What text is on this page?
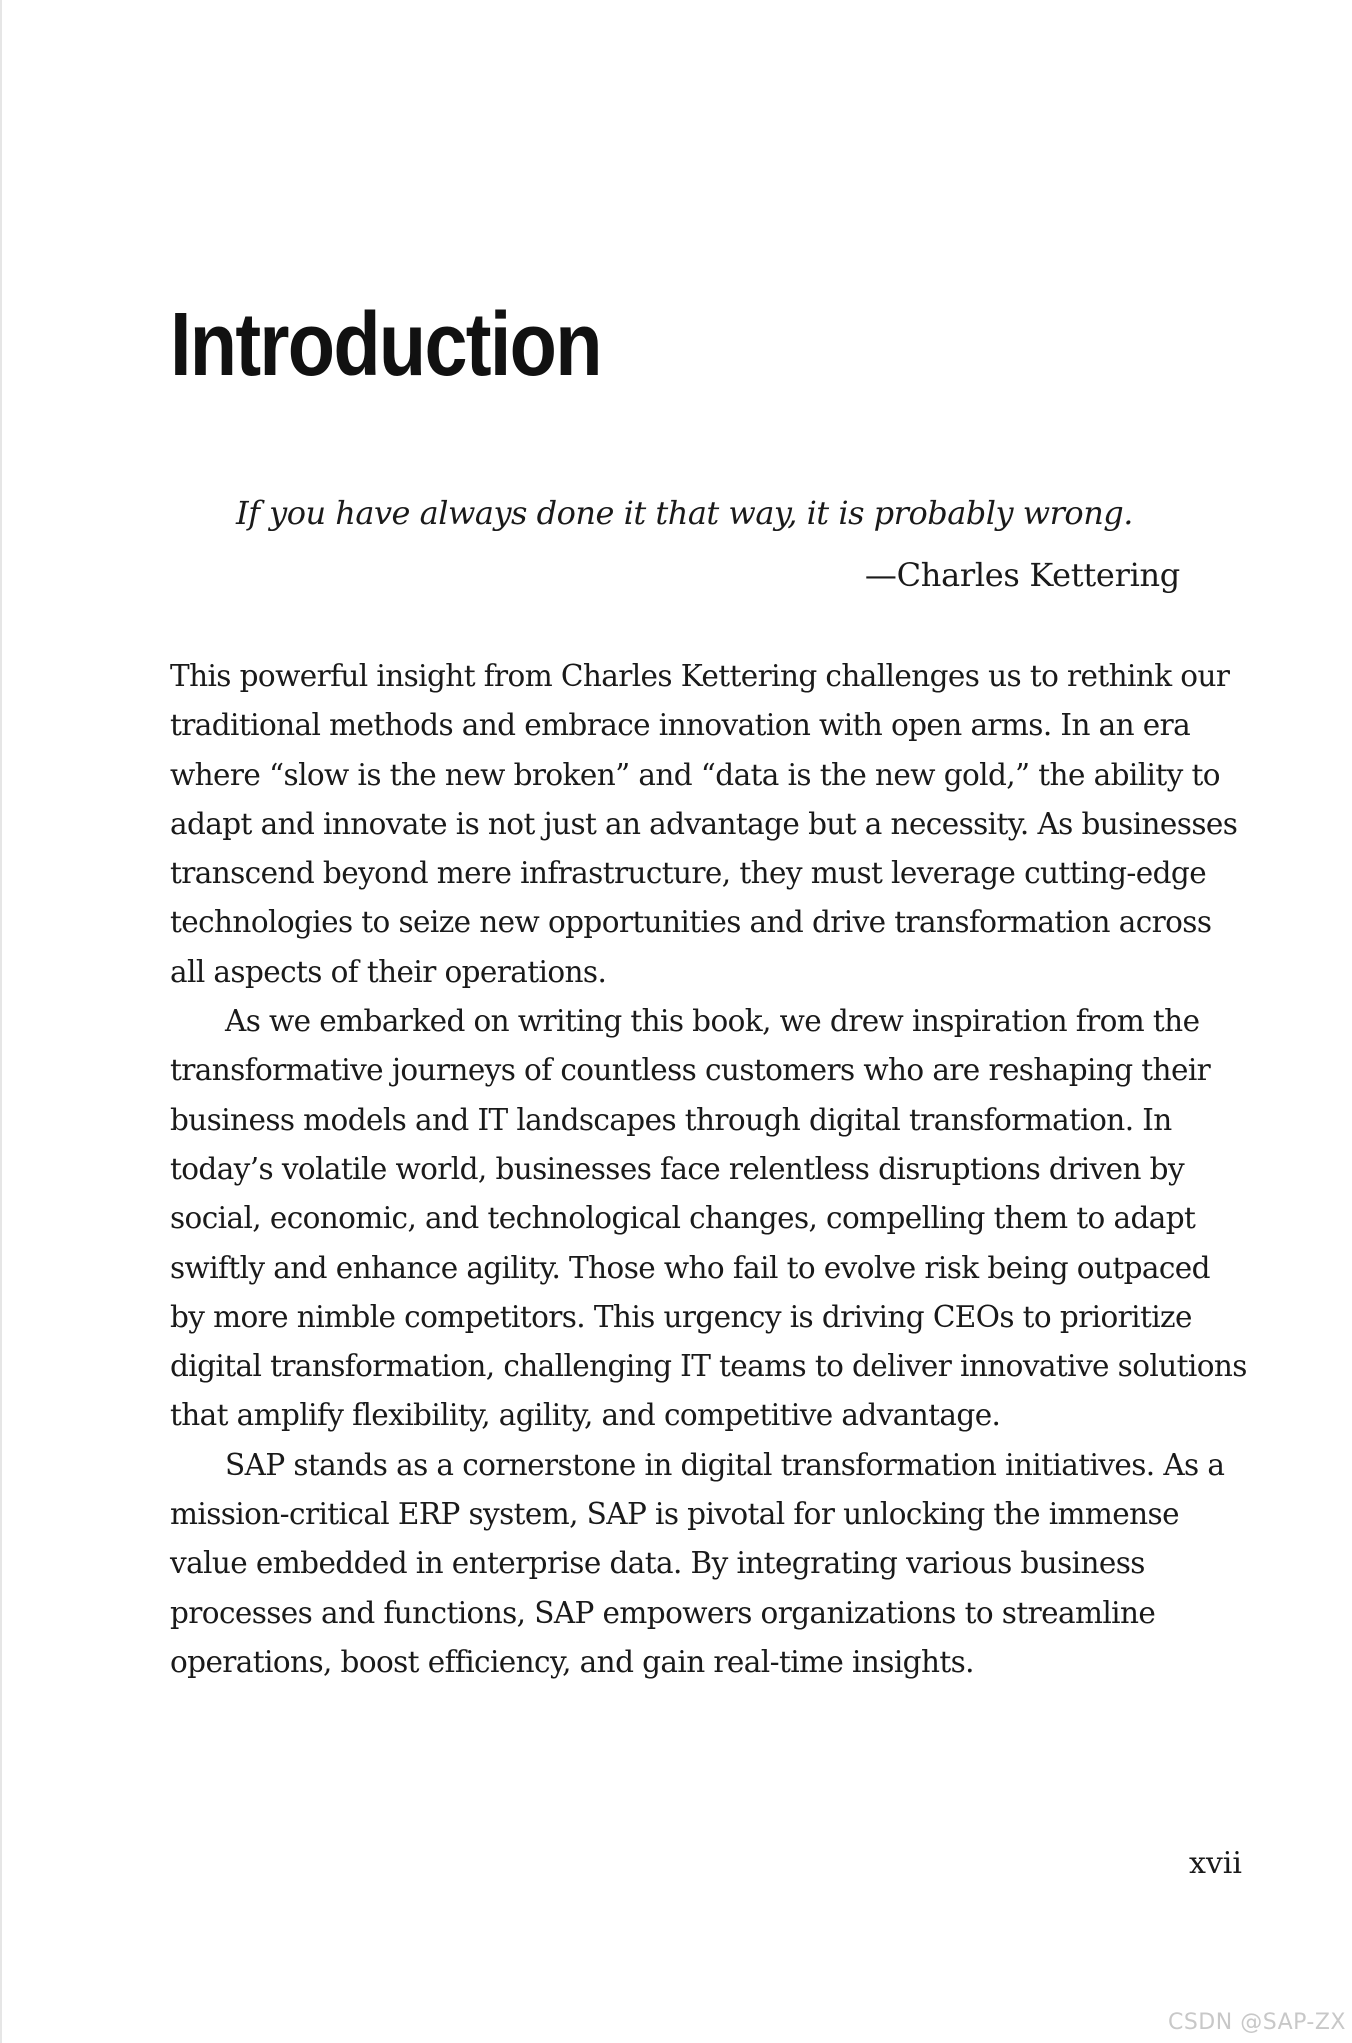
Introduction

If you have always done it that way, it is probably wrong.

—Charles Kettering

This powerful insight from Charles Kettering challenges us to rethink our traditional methods and embrace innovation with open arms. In an era where “slow is the new broken” and “data is the new gold,” the ability to adapt and innovate is not just an advantage but a necessity. As businesses transcend beyond mere infrastructure, they must leverage cutting-edge technologies to seize new opportunities and drive transformation across all aspects of their operations.

As we embarked on writing this book, we drew inspiration from the transformative journeys of countless customers who are reshaping their business models and IT landscapes through digital transformation. In today’s volatile world, businesses face relentless disruptions driven by social, economic, and technological changes, compelling them to adapt swiftly and enhance agility. Those who fail to evolve risk being outpaced by more nimble competitors. This urgency is driving CEOs to prioritize digital transformation, challenging IT teams to deliver innovative solutions that amplify flexibility, agility, and competitive advantage.

SAP stands as a cornerstone in digital transformation initiatives. As a mission-critical ERP system, SAP is pivotal for unlocking the immense value embedded in enterprise data. By integrating various business processes and functions, SAP empowers organizations to streamline operations, boost efficiency, and gain real-time insights.

xvii
CSDN @SAP-ZX
